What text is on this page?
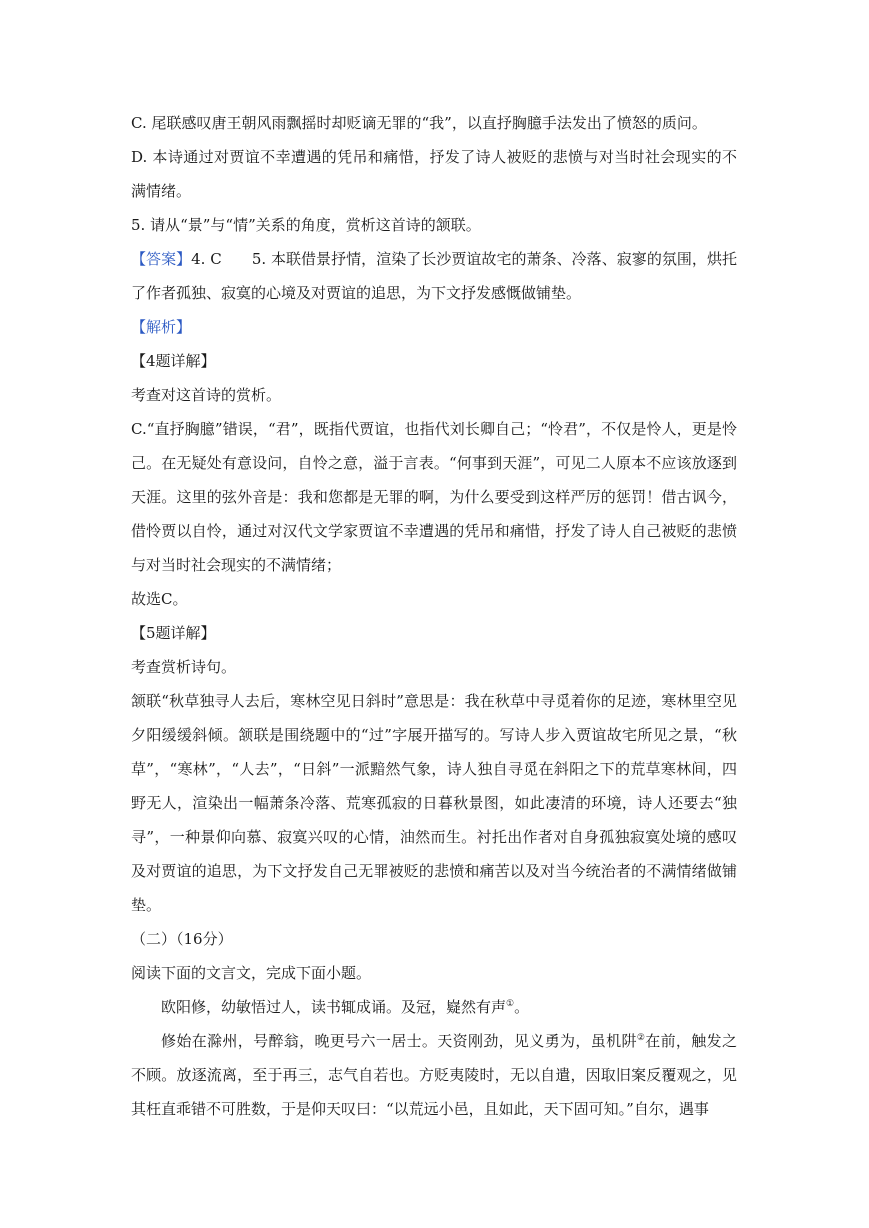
C. 尾联感叹唐王朝风雨飘摇时却贬谪无罪的“我”，以直抒胸臆手法发出了愤怒的质问。

D. 本诗通过对贾谊不幸遭遇的凭吊和痛惜，抒发了诗人被贬的悲愤与对当时社会现实的不满情绪。

5. 请从“景”与“情”关系的角度，赏析这首诗的颔联。

【答案】4. C　　5. 本联借景抒情，渲染了长沙贾谊故宅的萧条、冷落、寂寥的氛围，烘托了作者孤独、寂寞的心境及对贾谊的追思，为下文抒发感慨做铺垫。

【解析】

【4题详解】

考查对这首诗的赏析。

C.“直抒胸臆”错误，“君”，既指代贾谊，也指代刘长卿自己；“怜君”，不仅是怜人，更是怜己。在无疑处有意设问，自怜之意，溢于言表。“何事到天涯”，可见二人原本不应该放逐到天涯。这里的弦外音是：我和您都是无罪的啊，为什么要受到这样严厉的惩罚！借古讽今，借怜贾以自怜，通过对汉代文学家贾谊不幸遭遇的凭吊和痛惜，抒发了诗人自己被贬的悲愤与对当时社会现实的不满情绪；

故选C。

【5题详解】

考查赏析诗句。

颔联“秋草独寻人去后，寒林空见日斜时”意思是：我在秋草中寻觅着你的足迹，寒林里空见夕阳缓缓斜倾。颔联是围绕题中的“过”字展开描写的。写诗人步入贾谊故宅所见之景，“秋草”，“寒林”，“人去”，“日斜”一派黯然气象，诗人独自寻觅在斜阳之下的荒草寒林间，四野无人，渲染出一幅萧条冷落、荒寒孤寂的日暮秋景图，如此凄清的环境，诗人还要去“独寻”，一种景仰向慕、寂寞兴叹的心情，油然而生。衬托出作者对自身孤独寂寞处境的感叹及对贾谊的追思，为下文抒发自己无罪被贬的悲愤和痛苦以及对当今统治者的不满情绪做铺垫。

（二）（16分）

阅读下面的文言文，完成下面小题。

欧阳修，幼敏悟过人，读书辄成诵。及冠，嶷然有声①。

修始在滁州，号醉翁，晚更号六一居士。天资刚劲，见义勇为，虽机阱②在前，触发之不顾。放逐流离，至于再三，志气自若也。方贬夷陵时，无以自遣，因取旧案反覆观之，见其枉直乖错不可胜数，于是仰天叹曰：“以荒远小邑，且如此，天下固可知。”自尔，遇事
